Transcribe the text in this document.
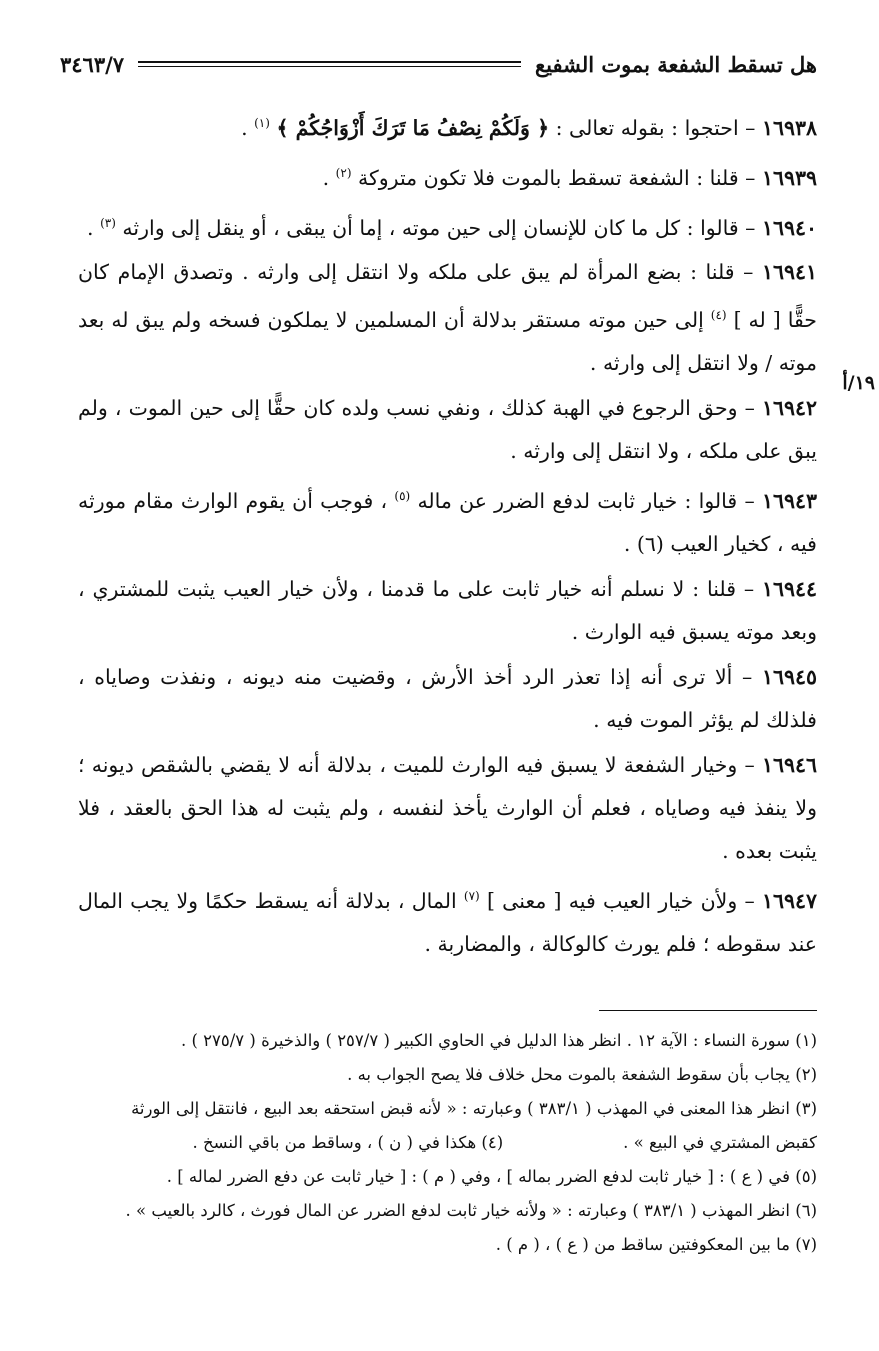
هل تسقط الشفعة بموت الشفيع
٣٤٦٣/٧
١٩/أ

١٦٩٣٨ – احتجوا : بقوله تعالى : ﴿ وَلَكُمْ نِصْفُ مَا تَرَكَ أَزْوَاجُكُمْ ﴾ $^{(١)}$ .

١٦٩٣٩ – قلنا : الشفعة تسقط بالموت فلا تكون متروكة $^{(٢)}$ .

١٦٩٤٠ – قالوا : كل ما كان للإنسان إلى حين موته ، إما أن يبقى ، أو ينقل إلى وارثه $^{(٣)}$ .

١٦٩٤١ – قلنا : بضع المرأة لم يبق على ملكه ولا انتقل إلى وارثه . وتصدق الإمام كان حقًّا [ له ] $^{(٤)}$ إلى حين موته مستقر بدلالة أن المسلمين لا يملكون فسخه ولم يبق له بعد موته / ولا انتقل إلى وارثه .

١٦٩٤٢ – وحق الرجوع في الهبة كذلك ، ونفي نسب ولده كان حقًّا إلى حين الموت ، ولم يبق على ملكه ، ولا انتقل إلى وارثه .

١٦٩٤٣ – قالوا : خيار ثابت لدفع الضرر عن ماله $^{(٥)}$ ، فوجب أن يقوم الوارث مقام مورثه فيه ، كخيار العيب (٦) .

١٦٩٤٤ – قلنا : لا نسلم أنه خيار ثابت على ما قدمنا ، ولأن خيار العيب يثبت للمشتري ، وبعد موته يسبق فيه الوارث .

١٦٩٤٥ – ألا ترى أنه إذا تعذر الرد أخذ الأرش ، وقضيت منه ديونه ، ونفذت وصاياه ، فلذلك لم يؤثر الموت فيه .

١٦٩٤٦ – وخيار الشفعة لا يسبق فيه الوارث للميت ، بدلالة أنه لا يقضي بالشقص ديونه ؛ ولا ينفذ فيه وصاياه ، فعلم أن الوارث يأخذ لنفسه ، ولم يثبت له هذا الحق بالعقد ، فلا يثبت بعده .

١٦٩٤٧ – ولأن خيار العيب فيه [ معنى ] $^{(٧)}$ المال ، بدلالة أنه يسقط حكمًا ولا يجب المال عند سقوطه ؛ فلم يورث كالوكالة ، والمضاربة .

(١) سورة النساء : الآية ١٢ . انظر هذا الدليل في الحاوي الكبير ( ٢٥٧/٧ ) والذخيرة ( ٢٧٥/٧ ) .

(٢) يجاب بأن سقوط الشفعة بالموت محل خلاف فلا يصح الجواب به .

(٣) انظر هذا المعنى في المهذب ( ٣٨٣/١ ) وعبارته : « لأنه قبض استحقه بعد البيع ، فانتقل إلى الورثة

كقبض المشتري في البيع » .(٤) هكذا في ( ن ) ، وساقط من باقي النسخ .

(٥) في ( ع ) : [ خيار ثابت لدفع الضرر بماله ] ، وفي ( م ) : [ خيار ثابت عن دفع الضرر لماله ] .

(٦) انظر المهذب ( ٣٨٣/١ ) وعبارته : « ولأنه خيار ثابت لدفع الضرر عن المال فورث ، كالرد بالعيب » .

(٧) ما بين المعكوفتين ساقط من ( ع ) ، ( م ) .
